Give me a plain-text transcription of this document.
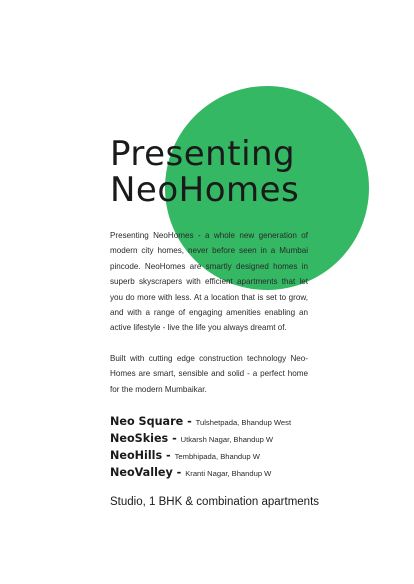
Presenting
NeoHomes

Presenting NeoHomes - a whole new generation of modern city homes, never before seen in a Mumbai pincode. NeoHomes are smartly designed homes in superb skyscrapers with efficient apartments that let you do more with less. At a location that is set to grow, and with a range of engaging amenities enabling an active lifestyle - live the life you always dreamt of.

Built with cutting edge construction technology Neo-Homes are smart, sensible and solid - a perfect home for the modern Mumbaikar.

Neo Square - Tulshetpada, Bhandup West
NeoSkies - Utkarsh Nagar, Bhandup W
NeoHills - Tembhipada, Bhandup W
NeoValley - Kranti Nagar, Bhandup W
Studio, 1 BHK & combination apartments
